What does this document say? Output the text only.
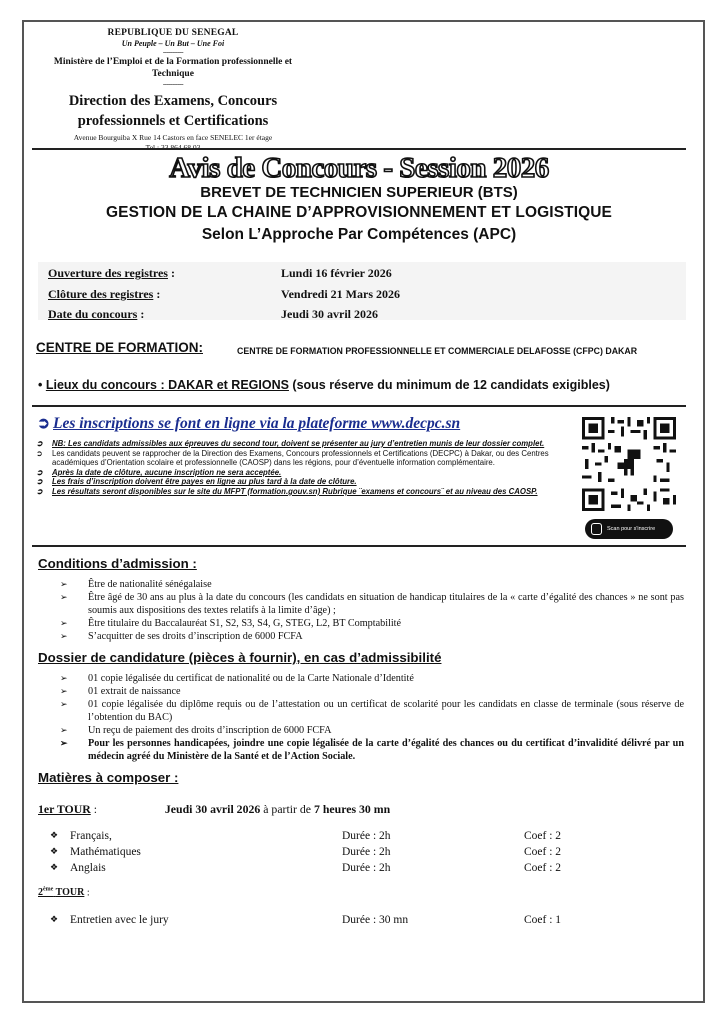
REPUBLIQUE DU SENEGAL
Un Peuple – Un But – Une Foi
-----------
Ministère de l’Emploi et de la Formation professionnelle et Technique
-----------
Direction des Examens, Concours professionnels et Certifications
Avenue Bourguiba X Rue 14 Castors en face SENELEC 1er étage
Avis de Concours - Session 2026
BREVET DE TECHNICIEN SUPERIEUR (BTS)
GESTION DE LA CHAINE D’APPROVISIONNEMENT ET LOGISTIQUE
Selon L’Approche Par Compétences (APC)
Ouverture des registres :	Lundi 16 février 2026
Clôture des registres :	Vendredi 21 Mars 2026
Date du concours :	Jeudi 30 avril 2026
CENTRE DE FORMATION:	CENTRE DE FORMATION PROFESSIONNELLE ET COMMERCIALE DELAFOSSE (CFPC) DAKAR
• Lieux du concours : DAKAR et REGIONS (sous réserve du minimum de 12 candidats exigibles)
➲ Les inscriptions se font en ligne via la plateforme www.decpc.sn
➲ NB: Les candidats admissibles aux épreuves du second tour, doivent se présenter au jury d’entretien munis de leur dossier complet.
➲ Les candidats peuvent se rapprocher de la Direction des Examens, Concours professionnels et Certifications (DECPC) à Dakar, ou des Centres académiques d’Orientation scolaire et professionnelle (CAOSP) dans les régions, pour d’éventuelle information complémentaire.
➲ Après la date de clôture, aucune inscription ne sera acceptée.
➲ Les frais d’inscription doivent être payes en ligne au plus tard à la date de clôture.
➲ Les résultats seront disponibles sur le site du MFPT (formation.gouv.sn) Rubrique ¨examens et concours¨ et au niveau des CAOSP.
Scan pour s'inscrire
Conditions d’admission :
➢ Être de nationalité sénégalaise
➢ Être âgé de 30 ans au plus à la date du concours (les candidats en situation de handicap titulaires de la « carte d’égalité des chances » ne sont pas soumis aux dispositions des textes relatifs à la limite d’âge) ;
➢ Être titulaire du Baccalauréat S1, S2, S3, S4, G, STEG, L2, BT Comptabilité
➢ S’acquitter de ses droits d’inscription de 6000 FCFA
Dossier de candidature (pièces à fournir), en cas d’admissibilité
➢ 01 copie légalisée du certificat de nationalité ou de la Carte Nationale d’Identité
➢ 01 extrait de naissance
➢ 01 copie légalisée du diplôme requis ou de l’attestation ou un certificat de scolarité pour les candidats en classe de terminale (sous réserve de l’obtention du BAC)
➢ Un reçu de paiement des droits d’inscription de 6000 FCFA
➢ Pour les personnes handicapées, joindre une copie légalisée de la carte d’égalité des chances ou du certificat d’invalidité délivré par un médecin agréé du Ministère de la Santé et de l’Action Sociale.
Matières à composer :
1er TOUR :	Jeudi 30 avril 2026 à partir de 7 heures 30 mn
❖ Français,	Durée : 2h	Coef : 2
❖ Mathématiques	Durée : 2h	Coef : 2
❖ Anglais	Durée : 2h	Coef : 2
2ème TOUR :
❖ Entretien avec le jury	Durée : 30 mn	Coef : 1
